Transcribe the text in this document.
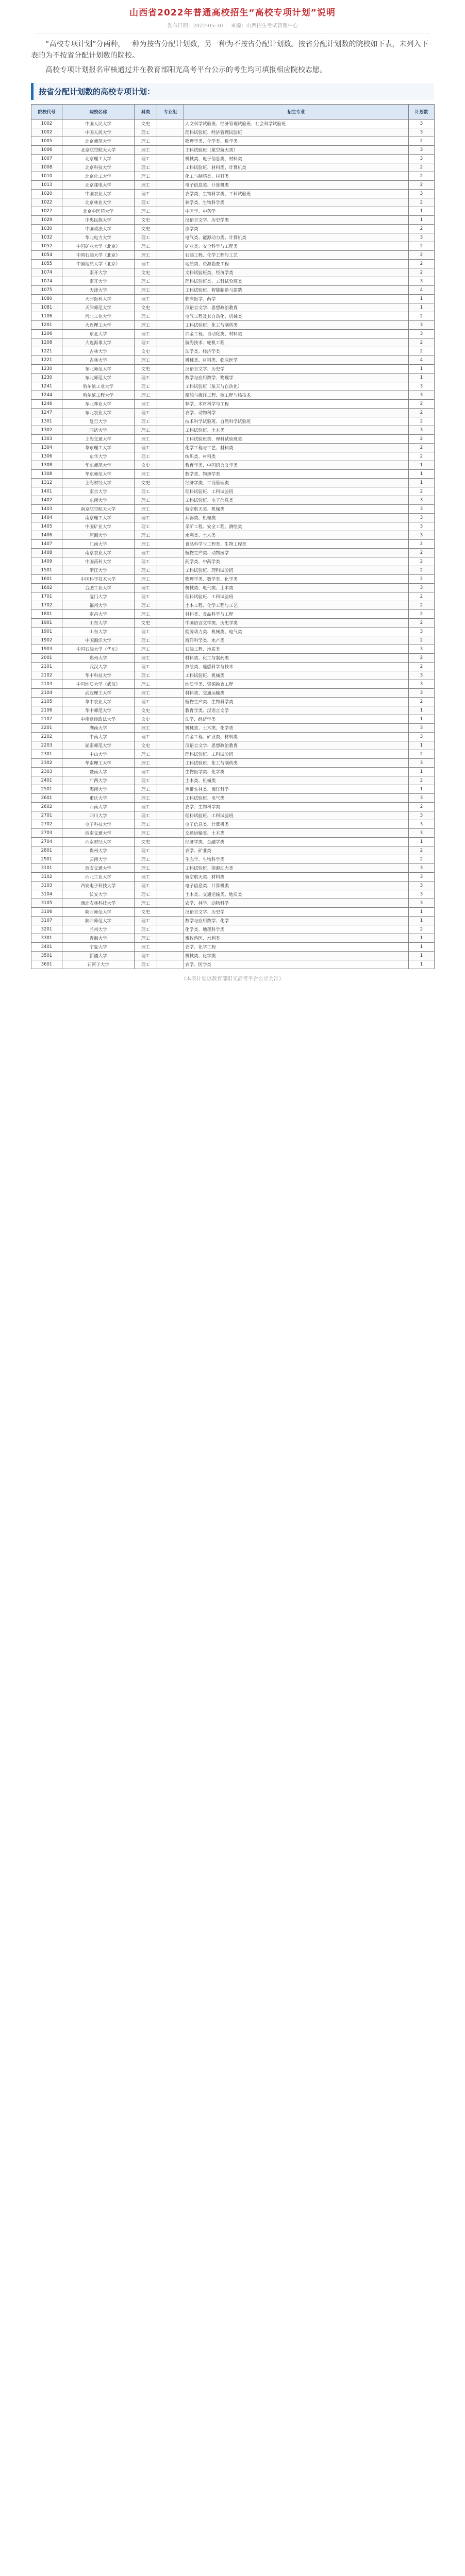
山西省2022年普通高校招生“高校专项计划”说明
发布日期：2022-05-30 来源：山西招生考试管理中心

“高校专项计划”分两种，一种为按省分配计划数，另一种为不按省分配计划数。按省分配计划数的院校如下表，未列入下表的为不按省分配计划数的院校。

高校专项计划报名审核通过并在教育部阳光高考平台公示的考生均可填报相应院校志愿。

按省分配计划数的高校专项计划：
院校代号	院校名称	科类	专业组	招生专业	计划数
1002	中国人民大学	文史		人文科学试验班、经济管理试验班、社会科学试验班	3
1002	中国人民大学	理工		理科试验班、经济管理试验班	3
1005	北京师范大学	理工		物理学类、化学类、数学类	2
1006	北京航空航天大学	理工		工科试验班（航空航天类）	3
1007	北京理工大学	理工		机械类、电子信息类、材料类	3
1008	北京科技大学	理工		工科试验班、材料类、计算机类	2
1010	北京化工大学	理工		化工与制药类、材料类	2
1013	北京邮电大学	理工		电子信息类、计算机类	2
1020	中国农业大学	理工		农学类、生物科学类、工科试验班	3
1022	北京林业大学	理工		林学类、生物科学类	2
1027	北京中医药大学	理工		中医学、中药学	1
1029	中央民族大学	文史		汉语言文学、历史学类	1
1030	中国政法大学	文史		法学类	2
1032	华北电力大学	理工		电气类、能源动力类、计算机类	3
1052	中国矿业大学（北京）	理工		矿业类、安全科学与工程类	2
1054	中国石油大学（北京）	理工		石油工程、化学工程与工艺	2
1055	中国地质大学（北京）	理工		地质类、资源勘查工程	2
1074	南开大学	文史		文科试验班类、经济学类	2
1074	南开大学	理工		理科试验班类、工科试验班类	3
1075	天津大学	理工		工科试验班、智能制造与建造	4
1080	天津医科大学	理工		临床医学、药学	1
1081	天津师范大学	文史		汉语言文学、思想政治教育	1
1106	河北工业大学	理工		电气工程及其自动化、机械类	2
1201	大连理工大学	理工		工科试验班、化工与制药类	3
1206	东北大学	理工		冶金工程、自动化类、材料类	3
1208	大连海事大学	理工		航海技术、轮机工程	2
1221	吉林大学	文史		法学类、经济学类	2
1221	吉林大学	理工		机械类、材料类、临床医学	4
1230	东北师范大学	文史		汉语言文学、历史学	1
1230	东北师范大学	理工		数学与应用数学、物理学	1
1241	哈尔滨工业大学	理工		工科试验班（航天与自动化）	3
1244	哈尔滨工程大学	理工		船舶与海洋工程、核工程与核技术	3
1246	东北林业大学	理工		林学、木材科学与工程	2
1247	东北农业大学	理工		农学、动物科学	2
1301	复旦大学	理工		技术科学试验班、自然科学试验班	2
1302	同济大学	理工		工科试验班、土木类	3
1303	上海交通大学	理工		工科试验班类、理科试验班类	2
1304	华东理工大学	理工		化学工程与工艺、材料类	2
1306	东华大学	理工		纺织类、材料类	2
1308	华东师范大学	文史		教育学类、中国语言文学类	1
1308	华东师范大学	理工		数学类、物理学类	1
1312	上海财经大学	文史		经济学类、工商管理类	1
1401	南京大学	理工		理科试验班、工科试验班	2
1402	东南大学	理工		工科试验班、电子信息类	3
1403	南京航空航天大学	理工		航空航天类、机械类	3
1404	南京理工大学	理工		兵器类、机械类	3
1405	中国矿业大学	理工		采矿工程、安全工程、测绘类	3
1406	河海大学	理工		水利类、土木类	3
1407	江南大学	理工		食品科学与工程类、生物工程类	2
1408	南京农业大学	理工		植物生产类、动物医学	2
1409	中国药科大学	理工		药学类、中药学类	2
1501	浙江大学	理工		工科试验班、理科试验班	2
1601	中国科学技术大学	理工		物理学类、数学类、化学类	2
1602	合肥工业大学	理工		机械类、电气类、土木类	3
1701	厦门大学	理工		理科试验班、工科试验班	2
1702	福州大学	理工		土木工程、化学工程与工艺	2
1801	南昌大学	理工		材料类、食品科学与工程	2
1901	山东大学	文史		中国语言文学类、历史学类	2
1901	山东大学	理工		能源动力类、机械类、电气类	3
1902	中国海洋大学	理工		海洋科学类、水产类	2
1903	中国石油大学（华东）	理工		石油工程、地质类	3
2001	郑州大学	理工		材料类、化工与制药类	2
2101	武汉大学	理工		测绘类、遥感科学与技术	2
2102	华中科技大学	理工		工科试验班、机械类	3
2103	中国地质大学（武汉）	理工		地质学类、资源勘查工程	3
2104	武汉理工大学	理工		材料类、交通运输类	3
2105	华中农业大学	理工		植物生产类、生物科学类	2
2106	华中师范大学	文史		教育学类、汉语言文学	1
2107	中南财经政法大学	文史		法学、经济学类	1
2201	湖南大学	理工		机械类、土木类、化学类	3
2202	中南大学	理工		冶金工程、矿业类、材料类	3
2203	湖南师范大学	文史		汉语言文学、思想政治教育	1
2301	中山大学	理工		理科试验班、工科试验班	2
2302	华南理工大学	理工		工科试验班、化工与制药类	3
2303	暨南大学	理工		生物医学类、化学类	1
2401	广西大学	理工		土木类、机械类	2
2501	海南大学	理工		热带农林类、海洋科学	1
2601	重庆大学	理工		工科试验班、电气类	3
2602	西南大学	理工		农学、生物科学类	2
2701	四川大学	理工		理科试验班、工科试验班	3
2702	电子科技大学	理工		电子信息类、计算机类	3
2703	西南交通大学	理工		交通运输类、土木类	3
2704	西南财经大学	文史		经济学类、金融学类	1
2801	贵州大学	理工		农学、矿业类	2
2901	云南大学	理工		生态学、生物科学类	2
3101	西安交通大学	理工		工科试验班、能源动力类	3
3102	西北工业大学	理工		航空航天类、材料类	3
3103	西安电子科技大学	理工		电子信息类、计算机类	3
3104	长安大学	理工		土木类、交通运输类、地质类	3
3105	西北农林科技大学	理工		农学、林学、动物科学	3
3106	陕西师范大学	文史		汉语言文学、历史学	1
3107	陕西师范大学	理工		数学与应用数学、化学	1
3201	兰州大学	理工		化学类、地理科学类	2
3301	青海大学	理工		畜牧兽医、水利类	1
3401	宁夏大学	理工		农学、化学工程	1
3501	新疆大学	理工		机械类、化学类	1
3601	石河子大学	理工		农学、医学类	1
（本表计划以教育部阳光高考平台公示为准）
